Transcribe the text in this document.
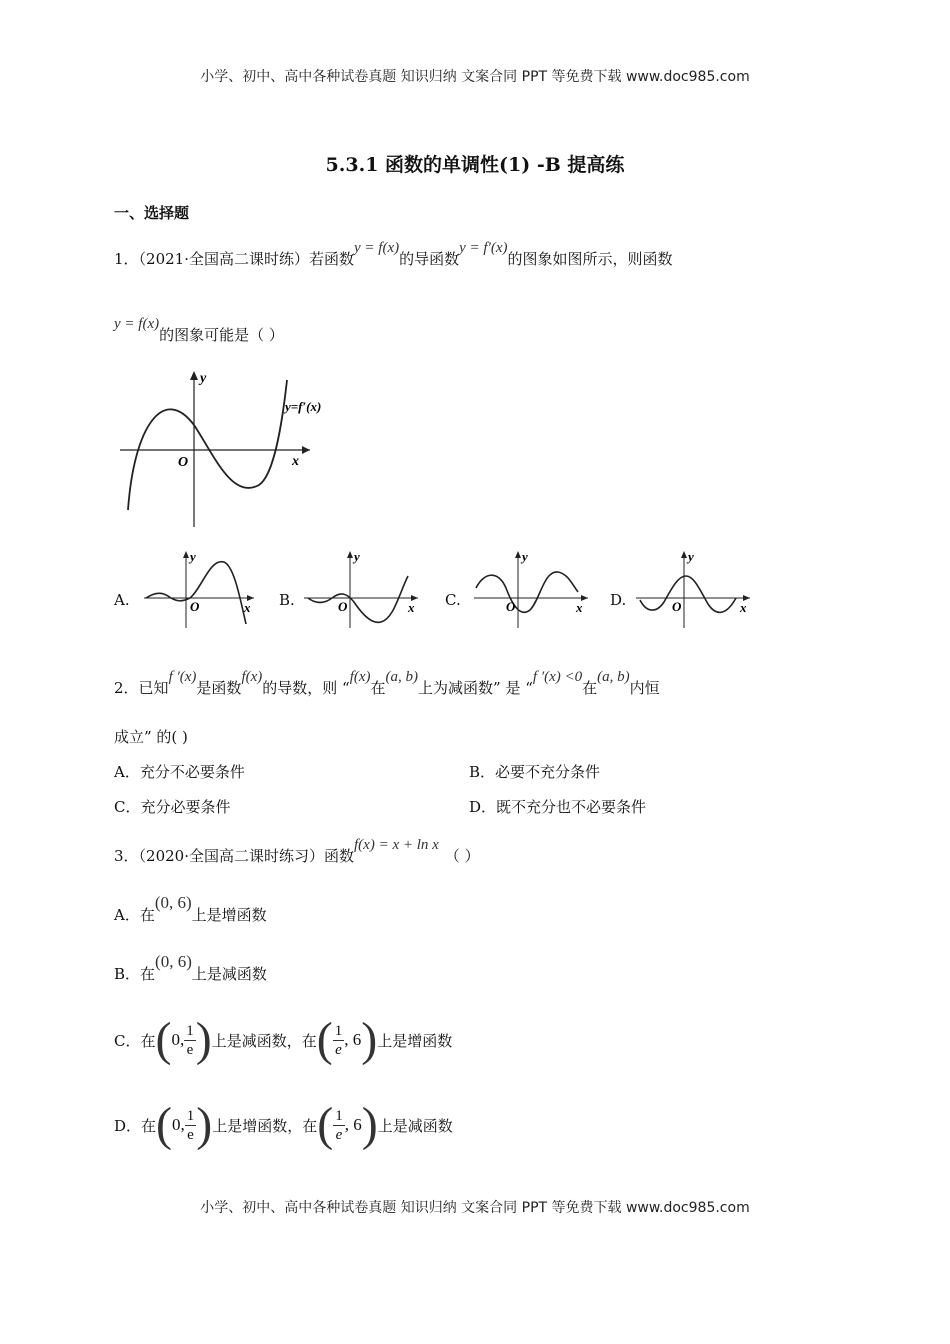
小学、初中、高中各种试卷真题 知识归纳 文案合同 PPT 等免费下载 www.doc985.com
小学、初中、高中各种试卷真题 知识归纳 文案合同 PPT 等免费下载 www.doc985.com
5.3.1 函数的单调性(1) -B 提高练
一、选择题
1．（2021·全国高二课时练）若函数y = f(x)的导函数y = f′(x)的图象如图所示，则函数
y = f(x)的图象可能是（ ）
y
x
O
y=f′(x)
A.
y
x
O	B.
y
x
O	C.
y
x
O	D.
y
x
O
2．已知f ′(x)是函数f(x)的导数，则 “f(x)在(a, b)上为减函数” 是 “f ′(x) <0在(a, b)内恒
成立” 的( )
A．充分不必要条件	B．必要不充分条件
C．充分必要条件	D．既不充分也不必要条件
3．（2020·全国高二课时练习）函数f(x) = x + ln x（ ）
A．在(0, 6)上是增函数
B．在(0, 6)上是减函数
C．在 ( 0, $\frac{1}{e}$ ) 上是减函数，在 ( $\frac{1}{e}$ , 6 ) 上是增函数
D．在 ( 0, $\frac{1}{e}$ ) 上是增函数，在 ( $\frac{1}{e}$ , 6 ) 上是减函数
